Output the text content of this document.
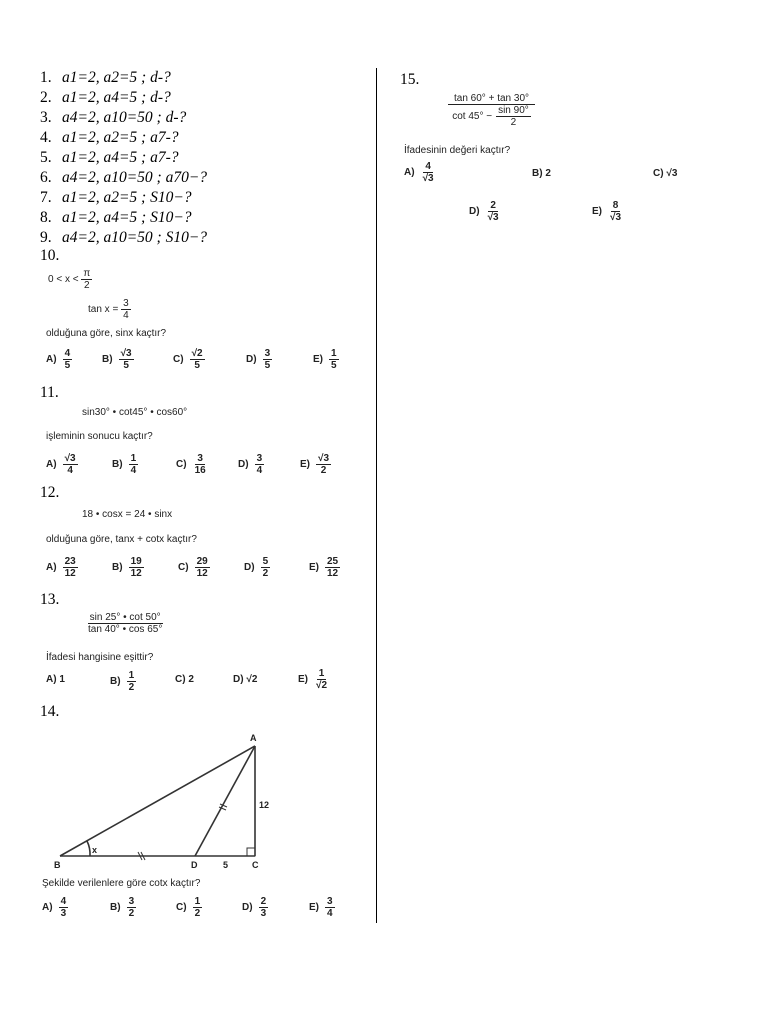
1. a1=2, a2=5 ; d-?
2. a1=2, a4=5 ; d-?
3. a4=2, a10=50 ; d-?
4. a1=2, a2=5 ; a7-?
5. a1=2, a4=5 ; a7-?
6. a4=2, a10=50 ; a70−?
7. a1=2, a2=5 ; S10−?
8. a1=2, a4=5 ; S10−?
9. a4=2, a10=50 ; S10−?
10.
$0 < x < \frac{\pi}{2}$
$\tan x = \frac{3}{4}$
olduğuna göre, sinx kaçtır?
$A) \frac{4}{5}$	$B) \frac{√3}{5}$	$C) \frac{√2}{5}$	$D) \frac{3}{5}$	$E) \frac{1}{5}$
11.
sin30° • cot45° • cos60°
işleminin sonucu kaçtır?
$A) \frac{√3}{4}$	$B) \frac{1}{4}$	$C) \frac{3}{16}$	$D) \frac{3}{4}$	$E) \frac{√3}{2}$
12.
18 • cosx = 24 • sinx
olduğuna göre, tanx + cotx kaçtır?
$A) \frac{23}{12}$	$B) \frac{19}{12}$	$C) \frac{29}{12}$	$D) \frac{5}{2}$	$E) \frac{25}{12}$
13.
$\frac{\sin 25^\circ • \cot 50^\circ}{\tan 40^\circ • \cos 65^\circ}$
İfadesi hangisine eşittir?
A) 1	$B) \frac{1}{2}$	C) 2	D) √2	$E) \frac{1}{√2}$
14.
A
B	C
D
x
12
5
Şekilde verilenlere göre cotx kaçtır?
$A) \frac{4}{3}$	$B) \frac{3}{2}$	$C) \frac{1}{2}$	$D) \frac{2}{3}$	$E) \frac{3}{4}$
15.
$\frac{\tan 60^\circ + \tan 30^\circ}{\cot 45^\circ - \frac{\sin 90^\circ}{2}}$
İfadesinin değeri kaçtır?
$A) \frac{4}{√3}$	B) 2	C) √3
$D) \frac{2}{√3}$	$E) \frac{8}{√3}$
